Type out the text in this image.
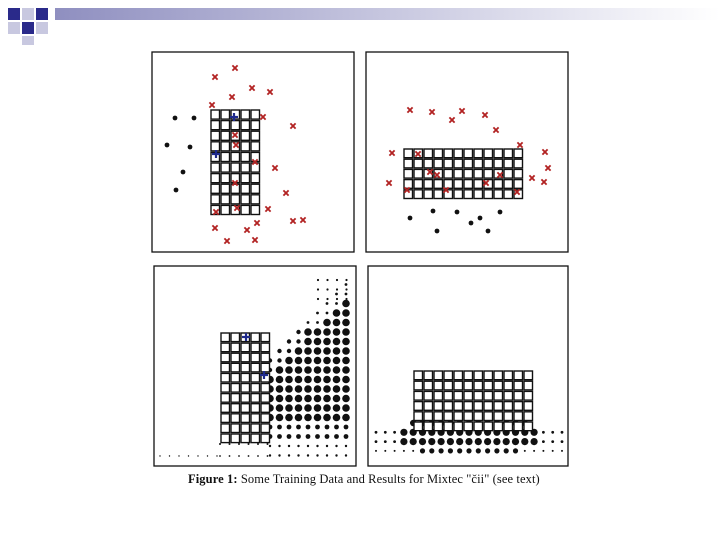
Figure 1: Some Training Data and Results for Mixtec "čii" (see text)
